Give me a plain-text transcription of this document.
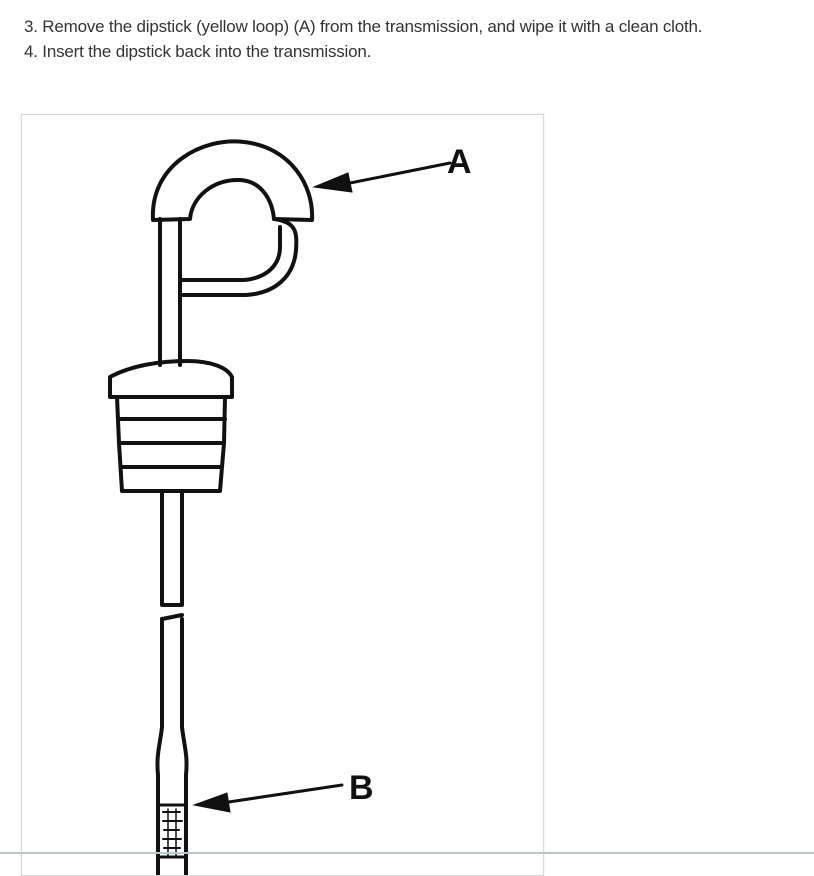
3. Remove the dipstick (yellow loop) (A) from the transmission, and wipe it with a clean cloth.
4. Insert the dipstick back into the transmission.
A
B
